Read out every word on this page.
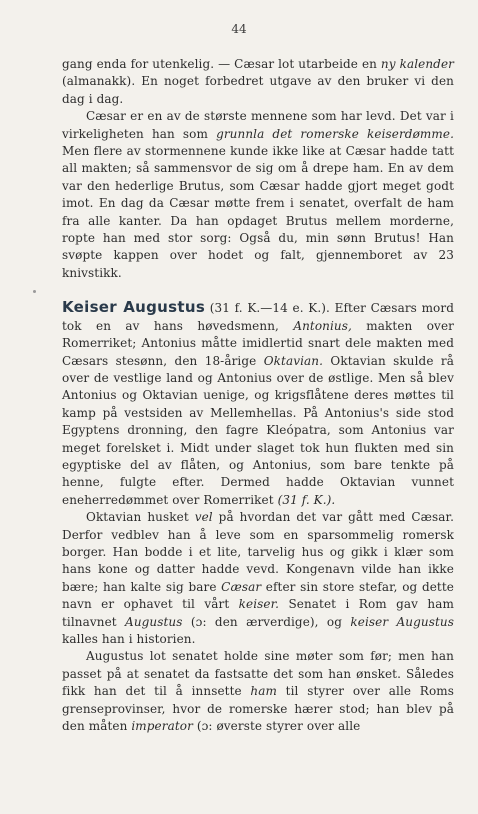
44

gang enda for utenkelig. — Cæsar lot utarbeide en ny kalender (almanakk). En noget forbedret utgave av den bruker vi den dag i dag.

Cæsar er en av de største mennene som har levd. Det var i virkeligheten han som grunnla det romerske keiserdømme. Men flere av stormennene kunde ikke like at Cæsar hadde tatt all makten; så sammensvor de sig om å drepe ham. En av dem var den hederlige Brutus, som Cæsar hadde gjort meget godt imot. En dag da Cæsar møtte frem i senatet, overfalt de ham fra alle kanter. Da han opdaget Brutus mellem morderne, ropte han med stor sorg: Også du, min sønn Brutus! Han svøpte kappen over hodet og falt, gjennemboret av 23 knivstikk.

Keiser Augustus (31 f. K.—14 e. K.). Efter Cæsars mord tok en av hans høvedsmenn, Antonius, makten over Romerriket; Antonius måtte imidlertid snart dele makten med Cæsars stesønn, den 18-årige Oktavian. Oktavian skulde rå over de vestlige land og Antonius over de østlige. Men så blev Antonius og Oktavian uenige, og krigsflåtene deres møttes til kamp på vestsiden av Mellemhellas. På Antonius's side stod Egyptens dronning, den fagre Kleópatra, som Antonius var meget forelsket i. Midt under slaget tok hun flukten med sin egyptiske del av flåten, og Antonius, som bare tenkte på henne, fulgte efter. Dermed hadde Oktavian vunnet eneherredømmet over Romerriket (31 f. K.).

Oktavian husket vel på hvordan det var gått med Cæsar. Derfor vedblev han å leve som en sparsommelig romersk borger. Han bodde i et lite, tarvelig hus og gikk i klær som hans kone og datter hadde vevd. Kongenavn vilde han ikke bære; han kalte sig bare Cæsar efter sin store stefar, og dette navn er ophavet til vårt keiser. Senatet i Rom gav ham tilnavnet Augustus (ɔ: den ærverdige), og keiser Augustus kalles han i historien.

Augustus lot senatet holde sine møter som før; men han passet på at senatet da fastsatte det som han ønsket. Således fikk han det til å innsette ham til styrer over alle Roms grenseprovinser, hvor de romerske hærer stod; han blev på den måten imperator (ɔ: øverste styrer over alle
